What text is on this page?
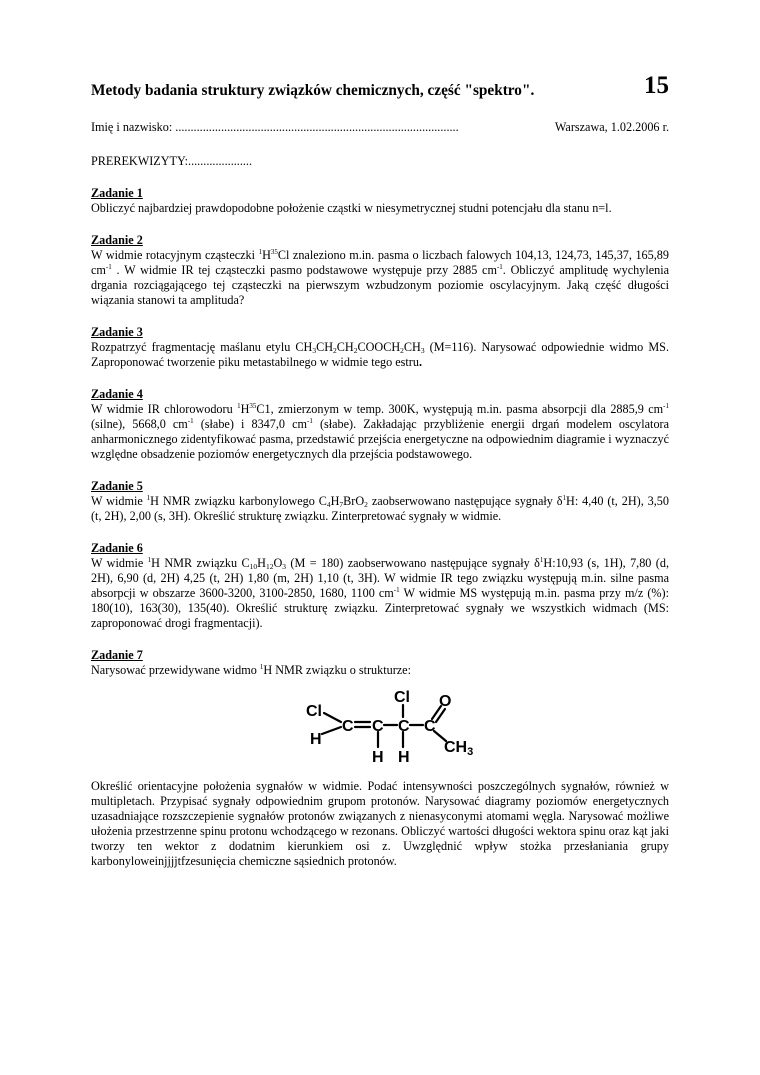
Metody badania struktury związków chemicznych, część "spektro".	15
Imię i nazwisko: .............................................................................................	Warszawa, 1.02.2006 r.
PREREKWIZYTY:.....................
Zadanie 1
Obliczyć najbardziej prawdopodobne położenie cząstki w niesymetrycznej studni potencjału dla stanu n=l.
Zadanie 2
W widmie rotacyjnym cząsteczki $^1H^{35}Cl$ znaleziono m.in. pasma o liczbach falowych 104,13, 124,73, 145,37, 165,89 $cm^{-1}$ . W widmie IR tej cząsteczki pasmo podstawowe występuje przy 2885 $cm^{-1}$. Obliczyć amplitudę wychylenia drgania rozciągającego tej cząsteczki na pierwszym wzbudzonym poziomie oscylacyjnym. Jaką część długości wiązania stanowi ta amplituda?
Zadanie 3
Rozpatrzyć fragmentację maślanu etylu $CH_3CH_2CH_2COOCH_2CH_3$ (M=116). Narysować odpowiednie widmo MS. Zaproponować tworzenie piku metastabilnego w widmie tego estru.
Zadanie 4
W widmie IR chlorowodoru $^1H^{35}C1$, zmierzonym w temp. 300K, występują m.in. pasma absorpcji dla 2885,9 $cm^{-1}$ (silne), 5668,0 $cm^{-1}$ (słabe) i 8347,0 $cm^{-1}$ (słabe). Zakładając przybliżenie energii drgań modelem oscylatora anharmonicznego zidentyfikować pasma, przedstawić przejścia energetyczne na odpowiednim diagramie i wyznaczyć względne obsadzenie poziomów energetycznych dla przejścia podstawowego.
Zadanie 5
W widmie $^1$H NMR związku karbonylowego $C_4H_7BrO_2$ zaobserwowano następujące sygnały $\delta^1H$: 4,40 (t, 2H), 3,50 (t, 2H), 2,00 (s, 3H). Określić strukturę związku. Zinterpretować sygnały w widmie.
Zadanie 6
W widmie $^1$H NMR związku $C_{10}H_{12}O_3$ (M = 180) zaobserwowano następujące sygnały $\delta^1H:10,93$ (s, 1H), 7,80 (d, 2H), 6,90 (d, 2H) 4,25 (t, 2H) 1,80 (m, 2H) 1,10 (t, 3H). W widmie IR tego związku występują m.in. silne pasma absorpcji w obszarze 3600-3200, 3100-2850, 1680, 1100 $cm^{-1}$ W widmie MS występują m.in. pasma przy m/z (%): 180(10), 163(30), 135(40). Określić strukturę związku. Zinterpretować sygnały we wszystkich widmach (MS: zaproponować drogi fragmentacji).
Zadanie 7
Narysować przewidywane widmo $^1$H NMR związku o strukturze:
Cl
H
C C C C
Cl O
H H
CH3
Określić orientacyjne położenia sygnałów w widmie. Podać intensywności poszczególnych sygnałów, również w multipletach. Przypisać sygnały odpowiednim grupom protonów. Narysować diagramy poziomów energetycznych uzasadniające rozszczepienie sygnałów protonów związanych z nienasyconymi atomami węgla. Narysować możliwe ułożenia przestrzenne spinu protonu wchodzącego w rezonans. Obliczyć wartości długości wektora spinu oraz kąt jaki tworzy ten wektor z dodatnim kierunkiem osi z. Uwzględnić wpływ stożka przesłaniania grupy karbonyloweinjjjjtfzesunięcia chemiczne sąsiednich protonów.
